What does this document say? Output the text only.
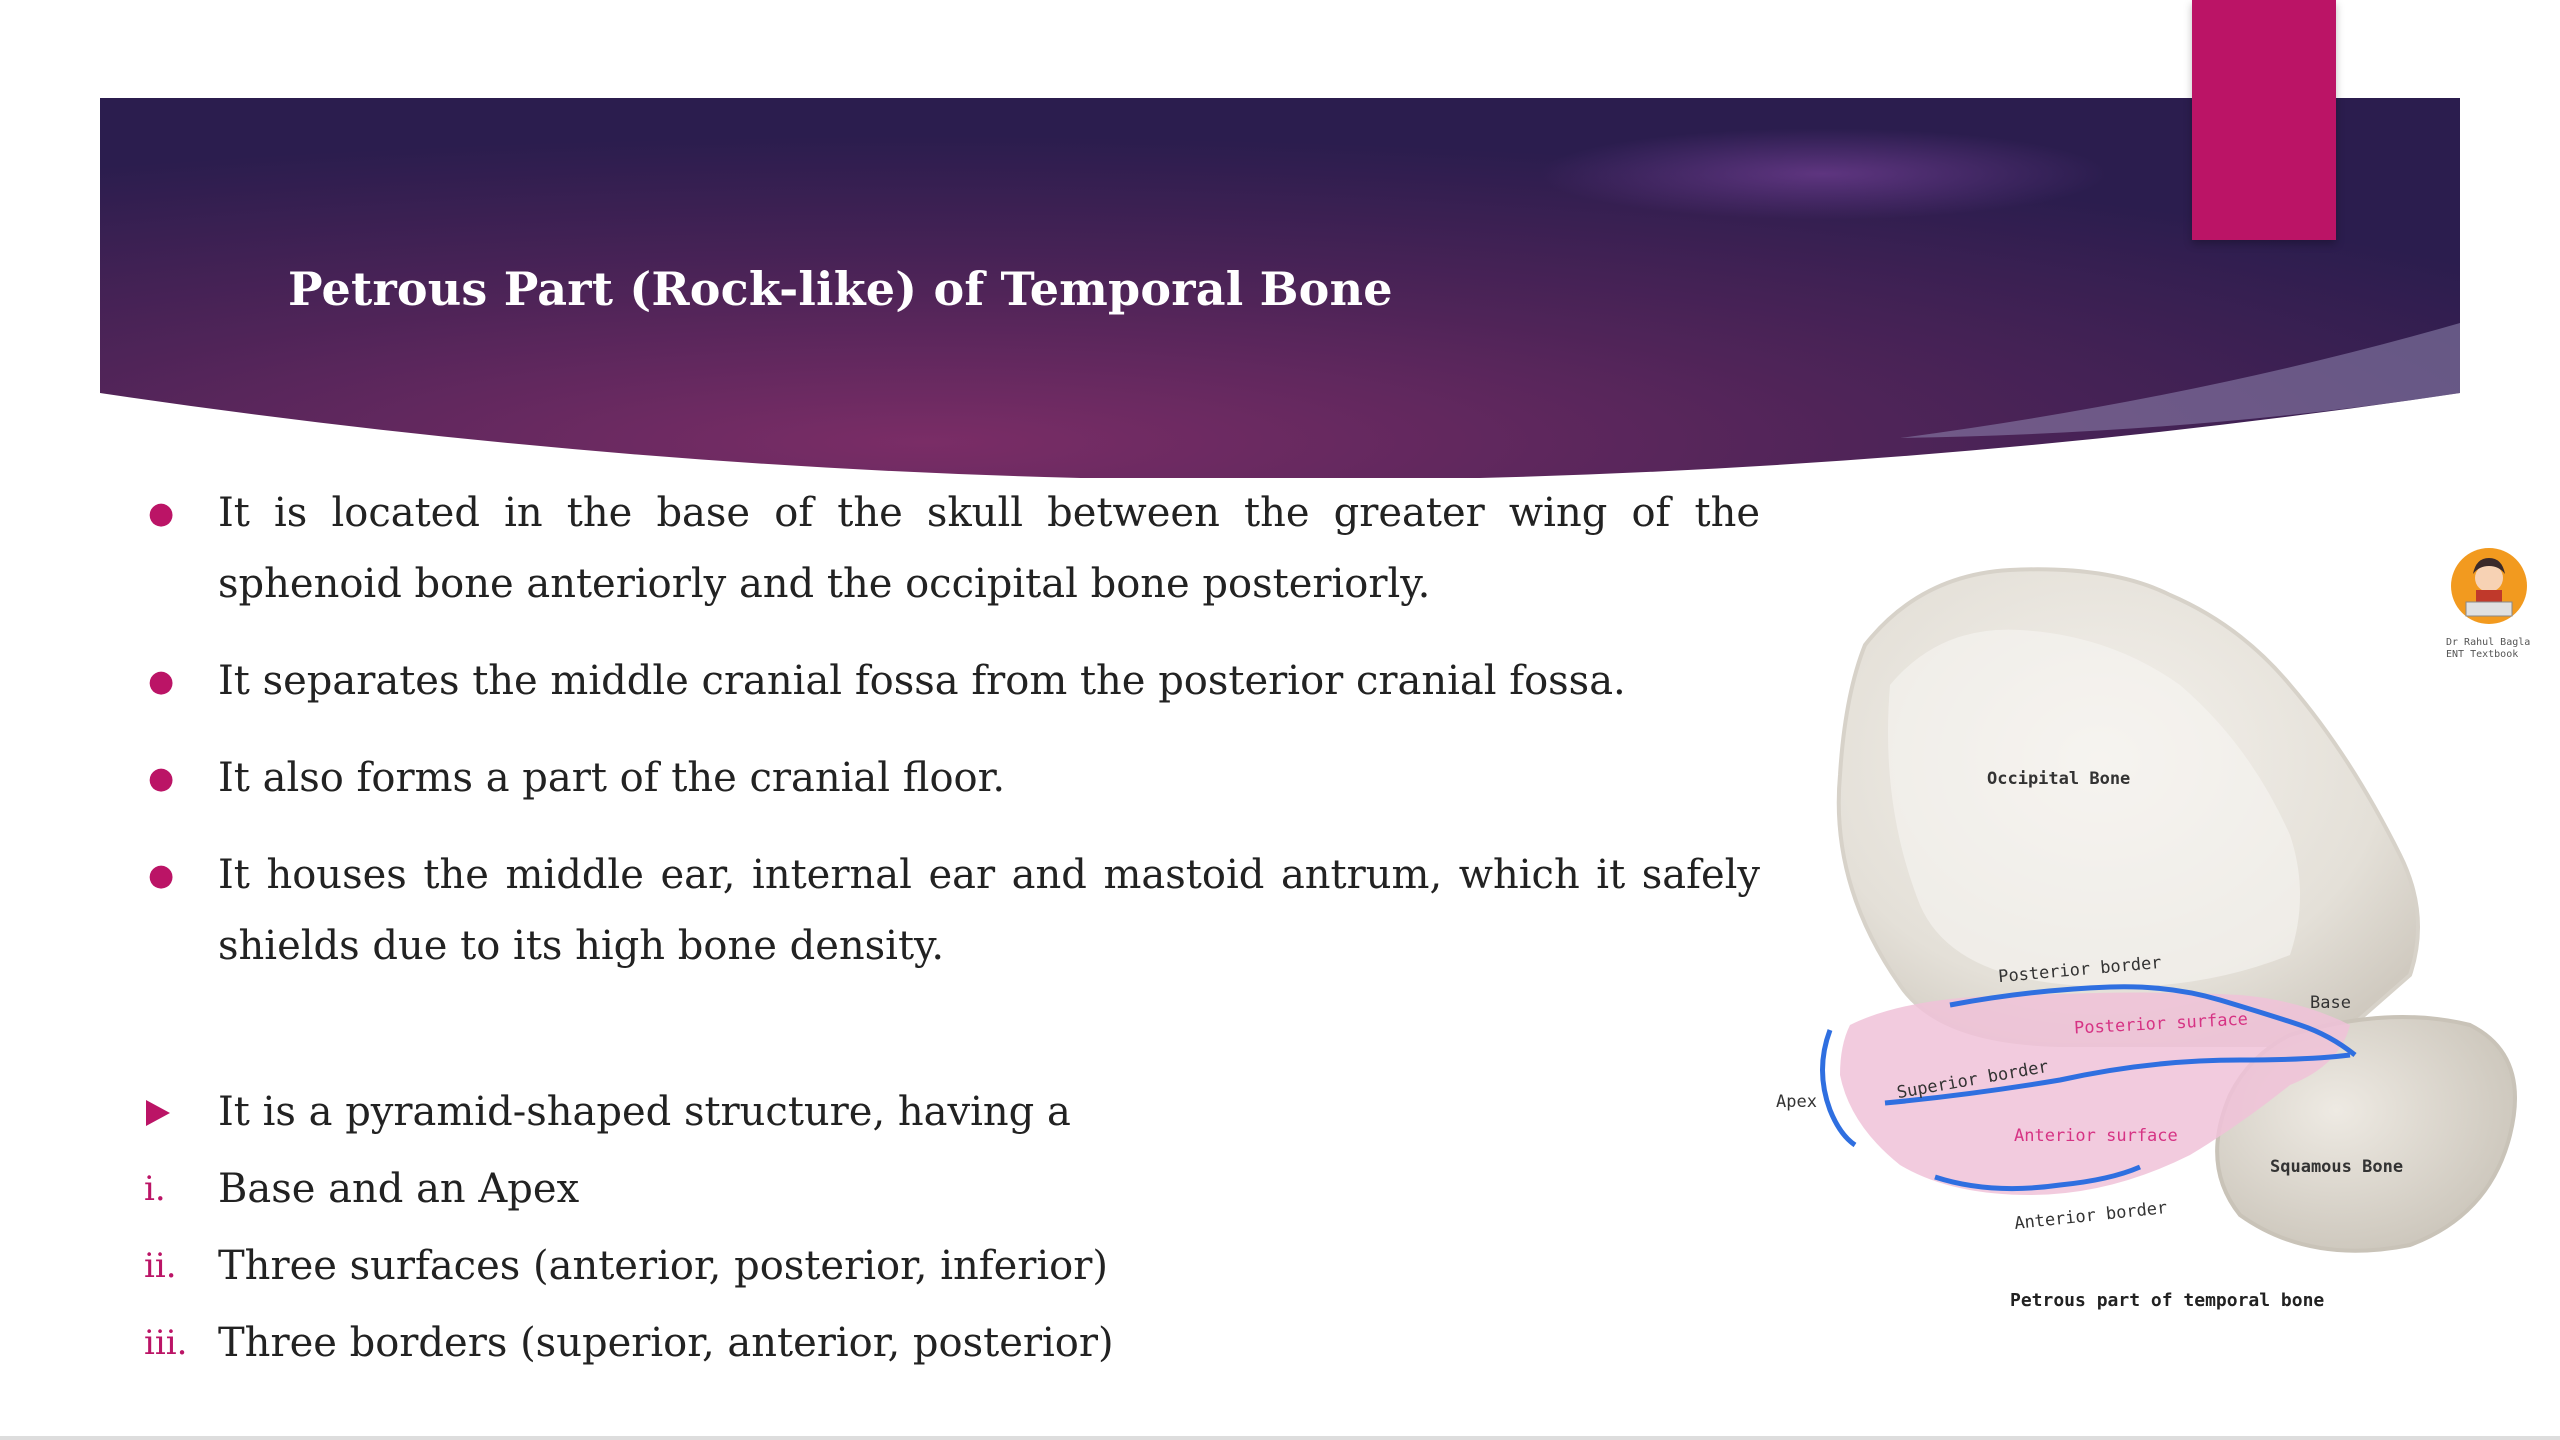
Petrous Part (Rock-like) of Temporal Bone
● It is located in the base of the skull between the greater wing of the sphenoid bone anteriorly and the occipital bone posteriorly.
● It separates the middle cranial fossa from the posterior cranial fossa.
● It also forms a part of the cranial floor.
● It houses the middle ear, internal ear and mastoid antrum, which it safely shields due to its high bone density.
It is a pyramid-shaped structure, having a
i. Base and an Apex
ii. Three surfaces (anterior, posterior, inferior)
iii. Three borders (superior, anterior, posterior)
Occipital Bone
Posterior border
Base
Posterior surface
Superior border
Apex
Anterior surface
Squamous Bone
Anterior border
Petrous part of temporal bone
Dr Rahul Bagla
ENT Textbook
